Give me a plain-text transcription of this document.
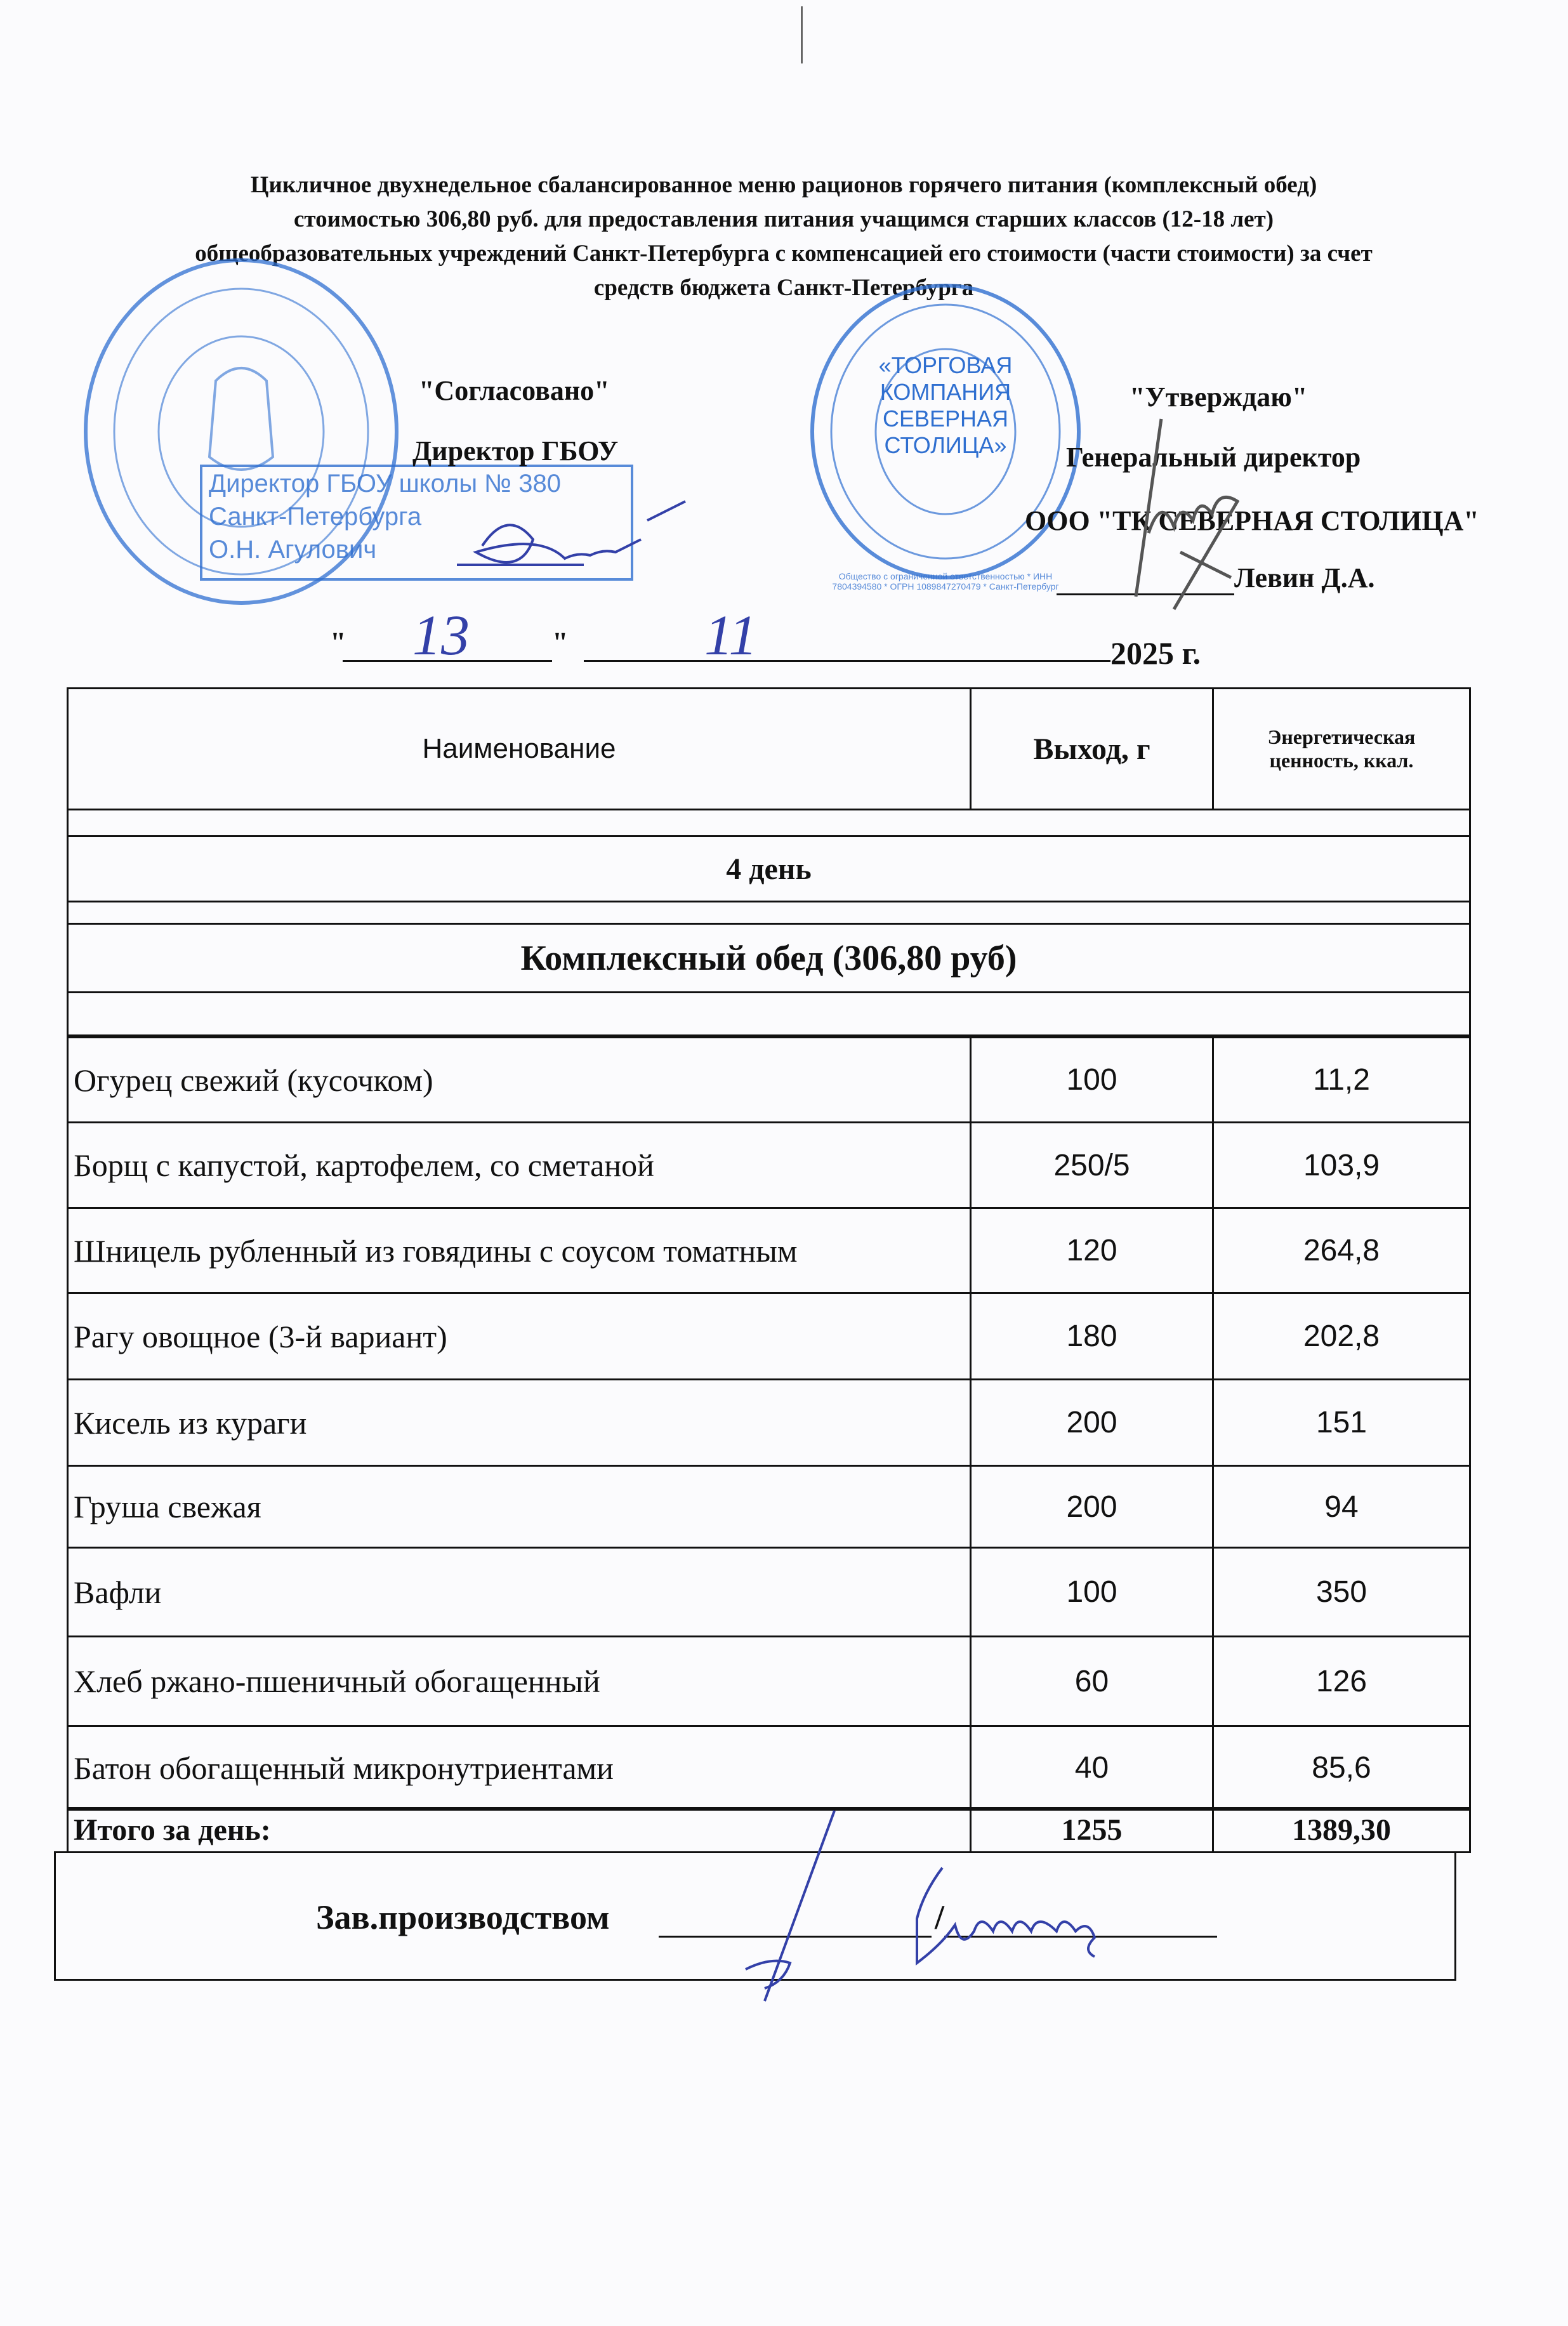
Цикличное двухнедельное сбалансированное меню рационов горячего питания (комплексный обед)
стоимостью 306,80 руб. для предоставления питания учащимся старших классов (12-18 лет)
общеобразовательных учреждений Санкт-Петербурга с компенсацией его стоимости (части стоимости) за счет
средств бюджета Санкт-Петербурга
Директор ГБОУ школы № 380
Санкт-Петербурга
О.Н. Агулович
"Согласовано"
Директор ГБОУ
«ТОРГОВАЯ
КОМПАНИЯ
СЕВЕРНАЯ
СТОЛИЦА»
Общество с ограниченной ответственностью * ИНН 7804394580 * ОГРН 1089847270479 * Санкт-Петербург
"Утверждаю"
Генеральный директор
ООО "ТК СЕВЕРНАЯ СТОЛИЦА"
Левин Д.А.
" 13	" 11	2025 г.
Наименование	Выход, г	Энергетическая ценность, ккал.
4 день
Комплексный обед (306,80 руб)
Огурец свежий (кусочком)	100	11,2
Борщ с капустой, картофелем, со сметаной	250/5	103,9
Шницель рубленный из говядины с соусом томатным	120	264,8
Рагу овощное (3-й вариант)	180	202,8
Кисель из кураги	200	151
Груша свежая	200	94
Вафли	100	350
Хлеб ржано-пшеничный обогащенный	60	126
Батон обогащенный микронутриентами	40	85,6
Итого за день:	1255	1389,30
Зав.производством	/
